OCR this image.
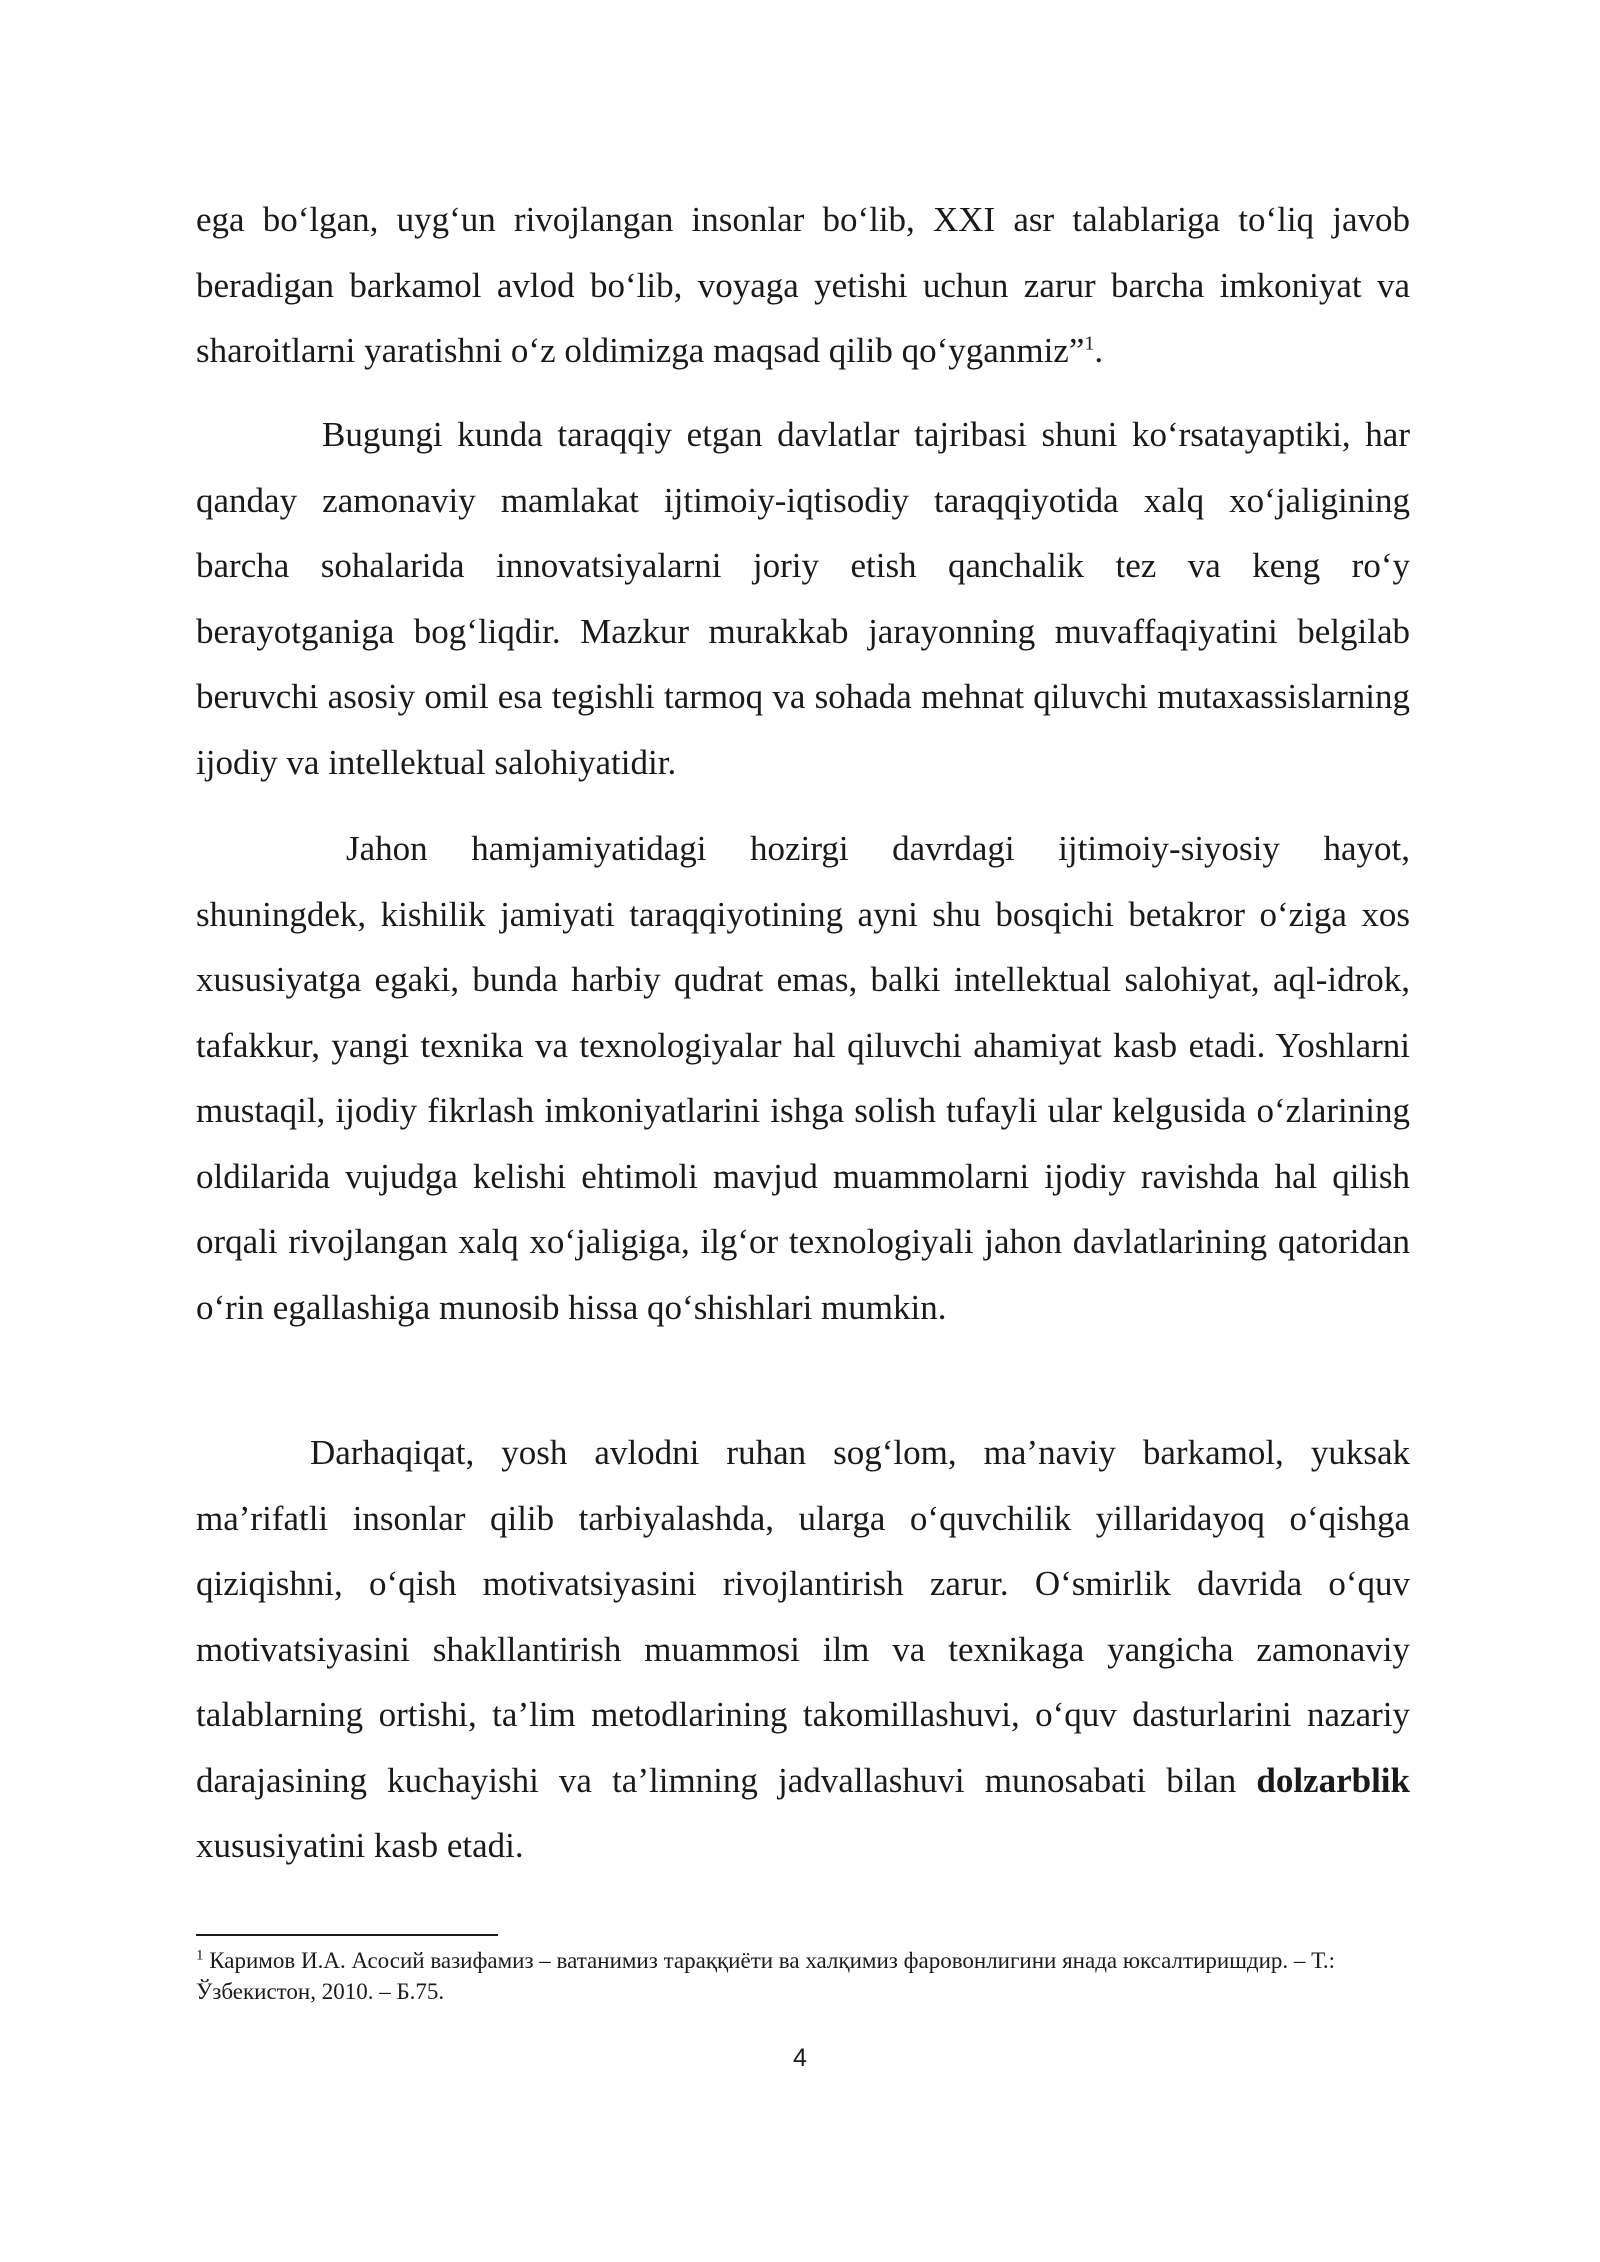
ega bo‘lgan, uyg‘un rivojlangan insonlar bo‘lib, XXI asr talablariga to‘liq javob beradigan barkamol avlod bo‘lib, voyaga yetishi uchun zarur barcha imkoniyat va sharoitlarni yaratishni o‘z oldimizga maqsad qilib qo‘yganmiz”$^1$.

Bugungi kunda taraqqiy etgan davlatlar tajribasi shuni ko‘rsatayaptiki, har qanday zamonaviy mamlakat ijtimoiy-iqtisodiy taraqqiyotida xalq xo‘jaligining barcha sohalarida innovatsiyalarni joriy etish qanchalik tez va keng ro‘y berayotganiga bog‘liqdir. Mazkur murakkab jarayonning muvaffaqiyatini belgilab beruvchi asosiy omil esa tegishli tarmoq va sohada mehnat qiluvchi mutaxassislarning ijodiy va intellektual salohiyatidir.

Jahon hamjamiyatidagi hozirgi davrdagi ijtimoiy-siyosiy hayot, shuningdek, kishilik jamiyati taraqqiyotining ayni shu bosqichi betakror o‘ziga xos xususiyatga egaki, bunda harbiy qudrat emas, balki intellektual salohiyat, aql-idrok, tafakkur, yangi texnika va texnologiyalar hal qiluvchi ahamiyat kasb etadi. Yoshlarni mustaqil, ijodiy fikrlash imkoniyatlarini ishga solish tufayli ular kelgusida o‘zlarining oldilarida vujudga kelishi ehtimoli mavjud muammolarni ijodiy ravishda hal qilish orqali rivojlangan xalq xo‘jaligiga, ilg‘or texnologiyali jahon davlatlarining qatoridan o‘rin egallashiga munosib hissa qo‘shishlari mumkin.

Darhaqiqat, yosh avlodni ruhan sog‘lom, ma’naviy barkamol, yuksak ma’rifatli insonlar qilib tarbiyalashda, ularga o‘quvchilik yillaridayoq o‘qishga qiziqishni, o‘qish motivatsiyasini rivojlantirish zarur. O‘smirlik davrida o‘quv motivatsiyasini shakllantirish muammosi ilm va texnikaga yangicha zamonaviy talablarning ortishi, ta’lim metodlarining takomillashuvi, o‘quv dasturlarini nazariy darajasining kuchayishi va ta’limning jadvallashuvi munosabati bilan dolzarblik xususiyatini kasb etadi.

$^1$ Каримов И.А. Асосий вазифамиз – ватанимиз тараққиёти ва халқимиз фаровонлигини янада юксалтиришдир. – Т.: Ўзбекистон, 2010. – Б.75.

4
